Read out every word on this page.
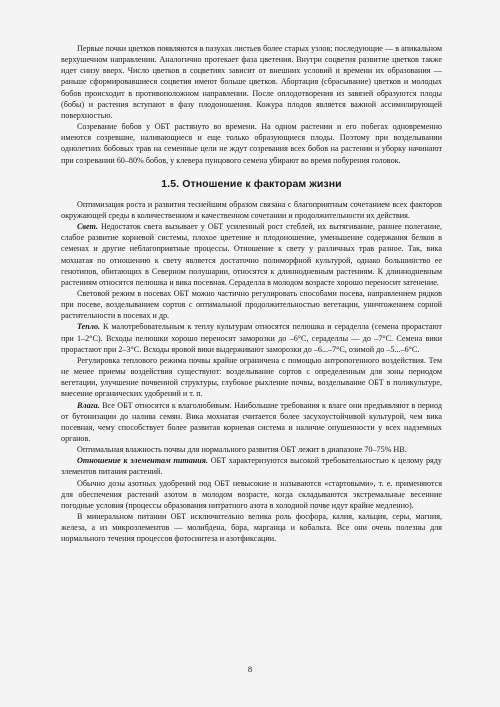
Первые почки цветков появляются в пазухах листьев более старых узлов; последующие — в апикальном верхушечном направлении. Аналогично протекает фаза цветения. Внутри соцветия развитие цветков также идет снизу вверх. Число цветков в соцветиях зависит от внешних условий и времени их образования — раньше сформировавшиеся соцветия имеют больше цветков. Абортация (сбрасывание) цветков и молодых бобов происходит в противоположном направлении. После оплодотворения из завязей образуются плоды (бобы) и растения вступают в фазу плодоношения. Кожура плодов является важной ассимилирующей поверхностью.

Созревание бобов у ОБТ растянуто во времени. На одном растении и его побегах одновременно имеются созревшие, наливающиеся и еще только образующиеся плоды. Поэтому при возделывании однолетних бобовых трав на семенные цели не ждут созревания всех бобов на растении и уборку начинают при созревании 60–80% бобов, у клевера пунцового семена убирают во время побурения головок.

1.5. Отношение к факторам жизни

Оптимизация роста и развития теснейшим образом связана с благоприятным сочетанием всех факторов окружающей среды в количественном и качественном сочетании и продолжительности их действия.

Свет. Недостаток света вызывает у ОБТ усиленный рост стеблей, их вытягивание, раннее полегание, слабое развитие корневой системы, плохое цветение и плодоношение, уменьшение содержания белков в семенах и другие неблагоприятные процессы. Отношение к свету у различных трав разное. Так, вика мохнатая по отношению к свету является достаточно полиморфной культурой, однако большинство ее генотипов, обитающих в Северном полушарии, относятся к длиннодневным растениям. К длиннодневным растениям относятся пелюшка и вика посевная. Сераделла в молодом возрасте хорошо переносит затенение.

Световой режим в посевах ОБТ можно частично регулировать способами посева, направлением рядков при посеве, возделыванием сортов с оптимальной продолжительностью вегетации, уничтожением сорной растительности в посевах и др.

Тепло. К малотребовательным к теплу культурам относятся пелюшка и сераделла (семена прорастают при 1–2°С). Всходы пелюшки хорошо переносят заморозки до –6°С, сераделлы — до –7°С. Семена вики прорастают при 2–3°С. Всходы яровой вики выдерживают заморозки до –6...–7°С, озимой до –5...–6°С.

Регулировка теплового режима почвы крайне ограничена с помощью антропогенного воздействия. Тем не менее приемы воздействия существуют: возделывание сортов с определенным для зоны периодом вегетации, улучшение почвенной структуры, глубокое рыхление почвы, возделывание ОБТ в поликультуре, внесение органических удобрений и т. п.

Влага. Все ОБТ относятся к влаголюбивым. Наибольшие требования к влаге они предъявляют в период от бутонизации до налива семян. Вика мохнатая считается более засухоустойчивой культурой, чем вика посевная, чему способствует более развитая корневая система и наличие опушенности у всех надземных органов.

Оптимальная влажность почвы для нормального развития ОБТ лежит в диапазоне 70–75% НВ.

Отношение к элементам питания. ОБТ характеризуются высокой требовательностью к целому ряду элементов питания растений.

Обычно дозы азотных удобрений под ОБТ невысокие и называются «стартовыми», т. е. применяются для обеспечения растений азотом в молодом возрасте, когда складываются экстремальные весенние погодные условия (процессы образования нитратного азота в холодной почве идут крайне медленно).

В минеральном питании ОБТ исключительно велика роль фосфора, калия, кальция, серы, магния, железа, а из микроэлементов — молибдена, бора, марганца и кобальта. Все они очень полезны для нормального течения процессов фотосинтеза и азотфиксации.

8
